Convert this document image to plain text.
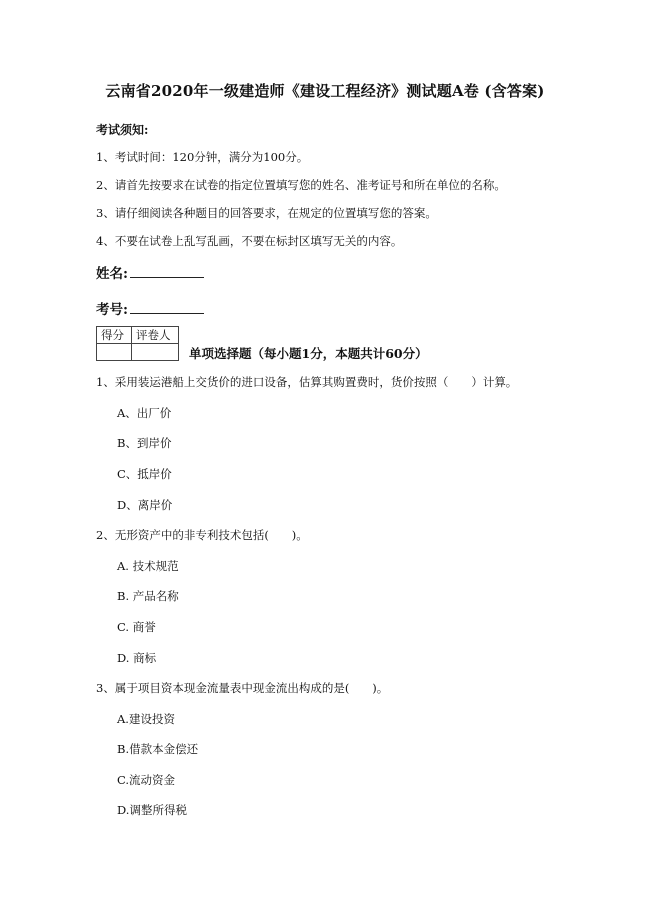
云南省2020年一级建造师《建设工程经济》测试题A卷 (含答案)
考试须知:
1、考试时间：120分钟，满分为100分。
2、请首先按要求在试卷的指定位置填写您的姓名、准考证号和所在单位的名称。
3、请仔细阅读各种题目的回答要求，在规定的位置填写您的答案。
4、不要在试卷上乱写乱画，不要在标封区填写无关的内容。
姓名:
考号:
得分	评卷人

单项选择题（每小题1分，本题共计60分）
1、采用装运港船上交货价的进口设备，估算其购置费时，货价按照（　　）计算。
A、出厂价
B、到岸价
C、抵岸价
D、离岸价
2、无形资产中的非专利技术包括(　　)。
A. 技术规范
B. 产品名称
C. 商誉
D. 商标
3、属于项目资本现金流量表中现金流出构成的是(　　)。
A.建设投资
B.借款本金偿还
C.流动资金
D.调整所得税
